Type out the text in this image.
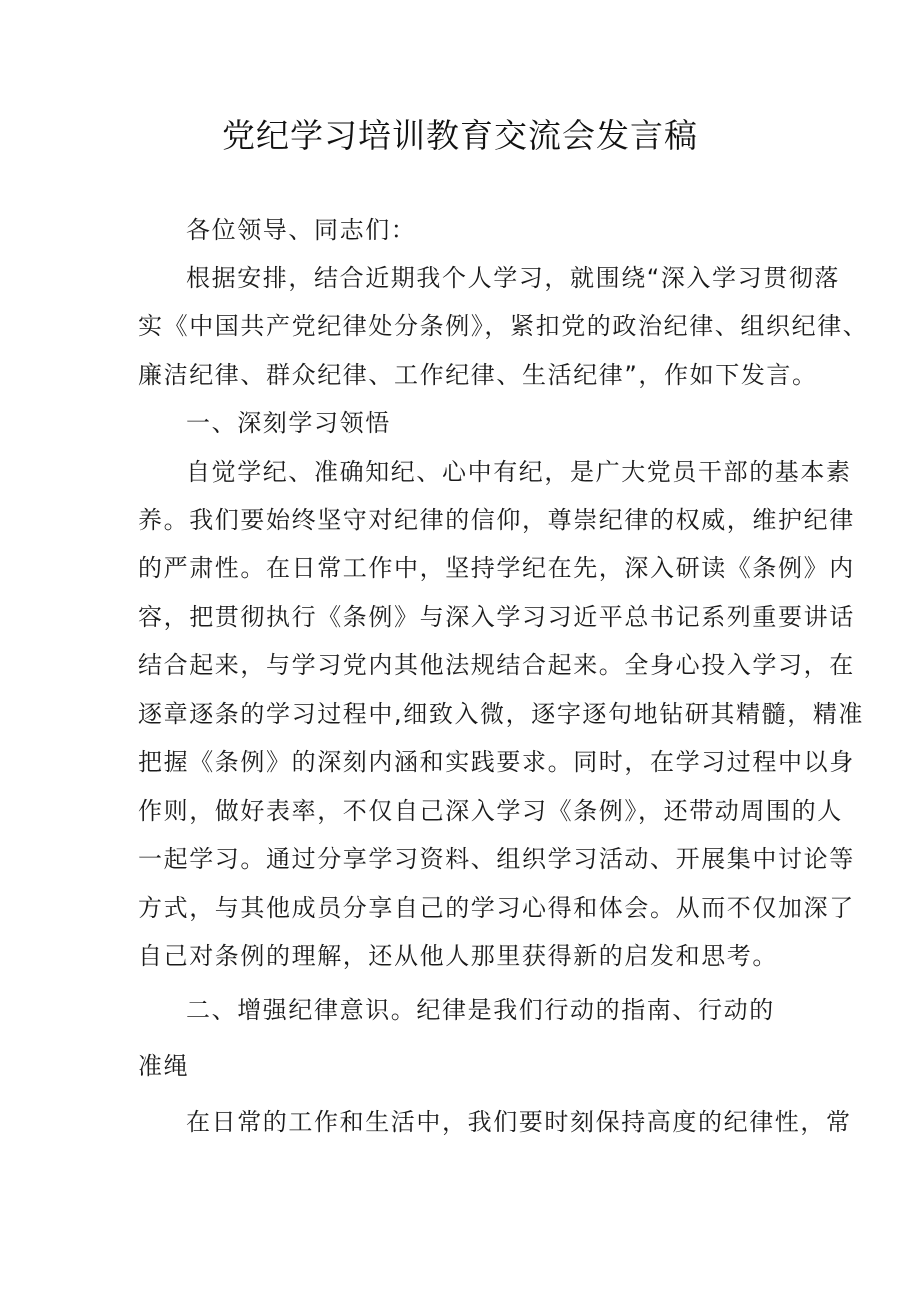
党纪学习培训教育交流会发言稿
各位领导、同志们：
根据安排，结合近期我个人学习，就围绕“深入学习贯彻落
实《中国共产党纪律处分条例》，紧扣党的政治纪律、组织纪律、
廉洁纪律、群众纪律、工作纪律、生活纪律”，作如下发言。
一、深刻学习领悟
自觉学纪、准确知纪、心中有纪，是广大党员干部的基本素
养。我们要始终坚守对纪律的信仰，尊崇纪律的权威，维护纪律
的严肃性。在日常工作中，坚持学纪在先，深入研读《条例》内
容，把贯彻执行《条例》与深入学习习近平总书记系列重要讲话
结合起来，与学习党内其他法规结合起来。全身心投入学习，在
逐章逐条的学习过程中,细致入微，逐字逐句地钻研其精髓，精准
把握《条例》的深刻内涵和实践要求。同时，在学习过程中以身
作则，做好表率，不仅自己深入学习《条例》，还带动周围的人
一起学习。通过分享学习资料、组织学习活动、开展集中讨论等
方式，与其他成员分享自己的学习心得和体会。从而不仅加深了
自己对条例的理解，还从他人那里获得新的启发和思考。
二、增强纪律意识。纪律是我们行动的指南、行动的
准绳
在日常的工作和生活中，我们要时刻保持高度的纪律性，常
